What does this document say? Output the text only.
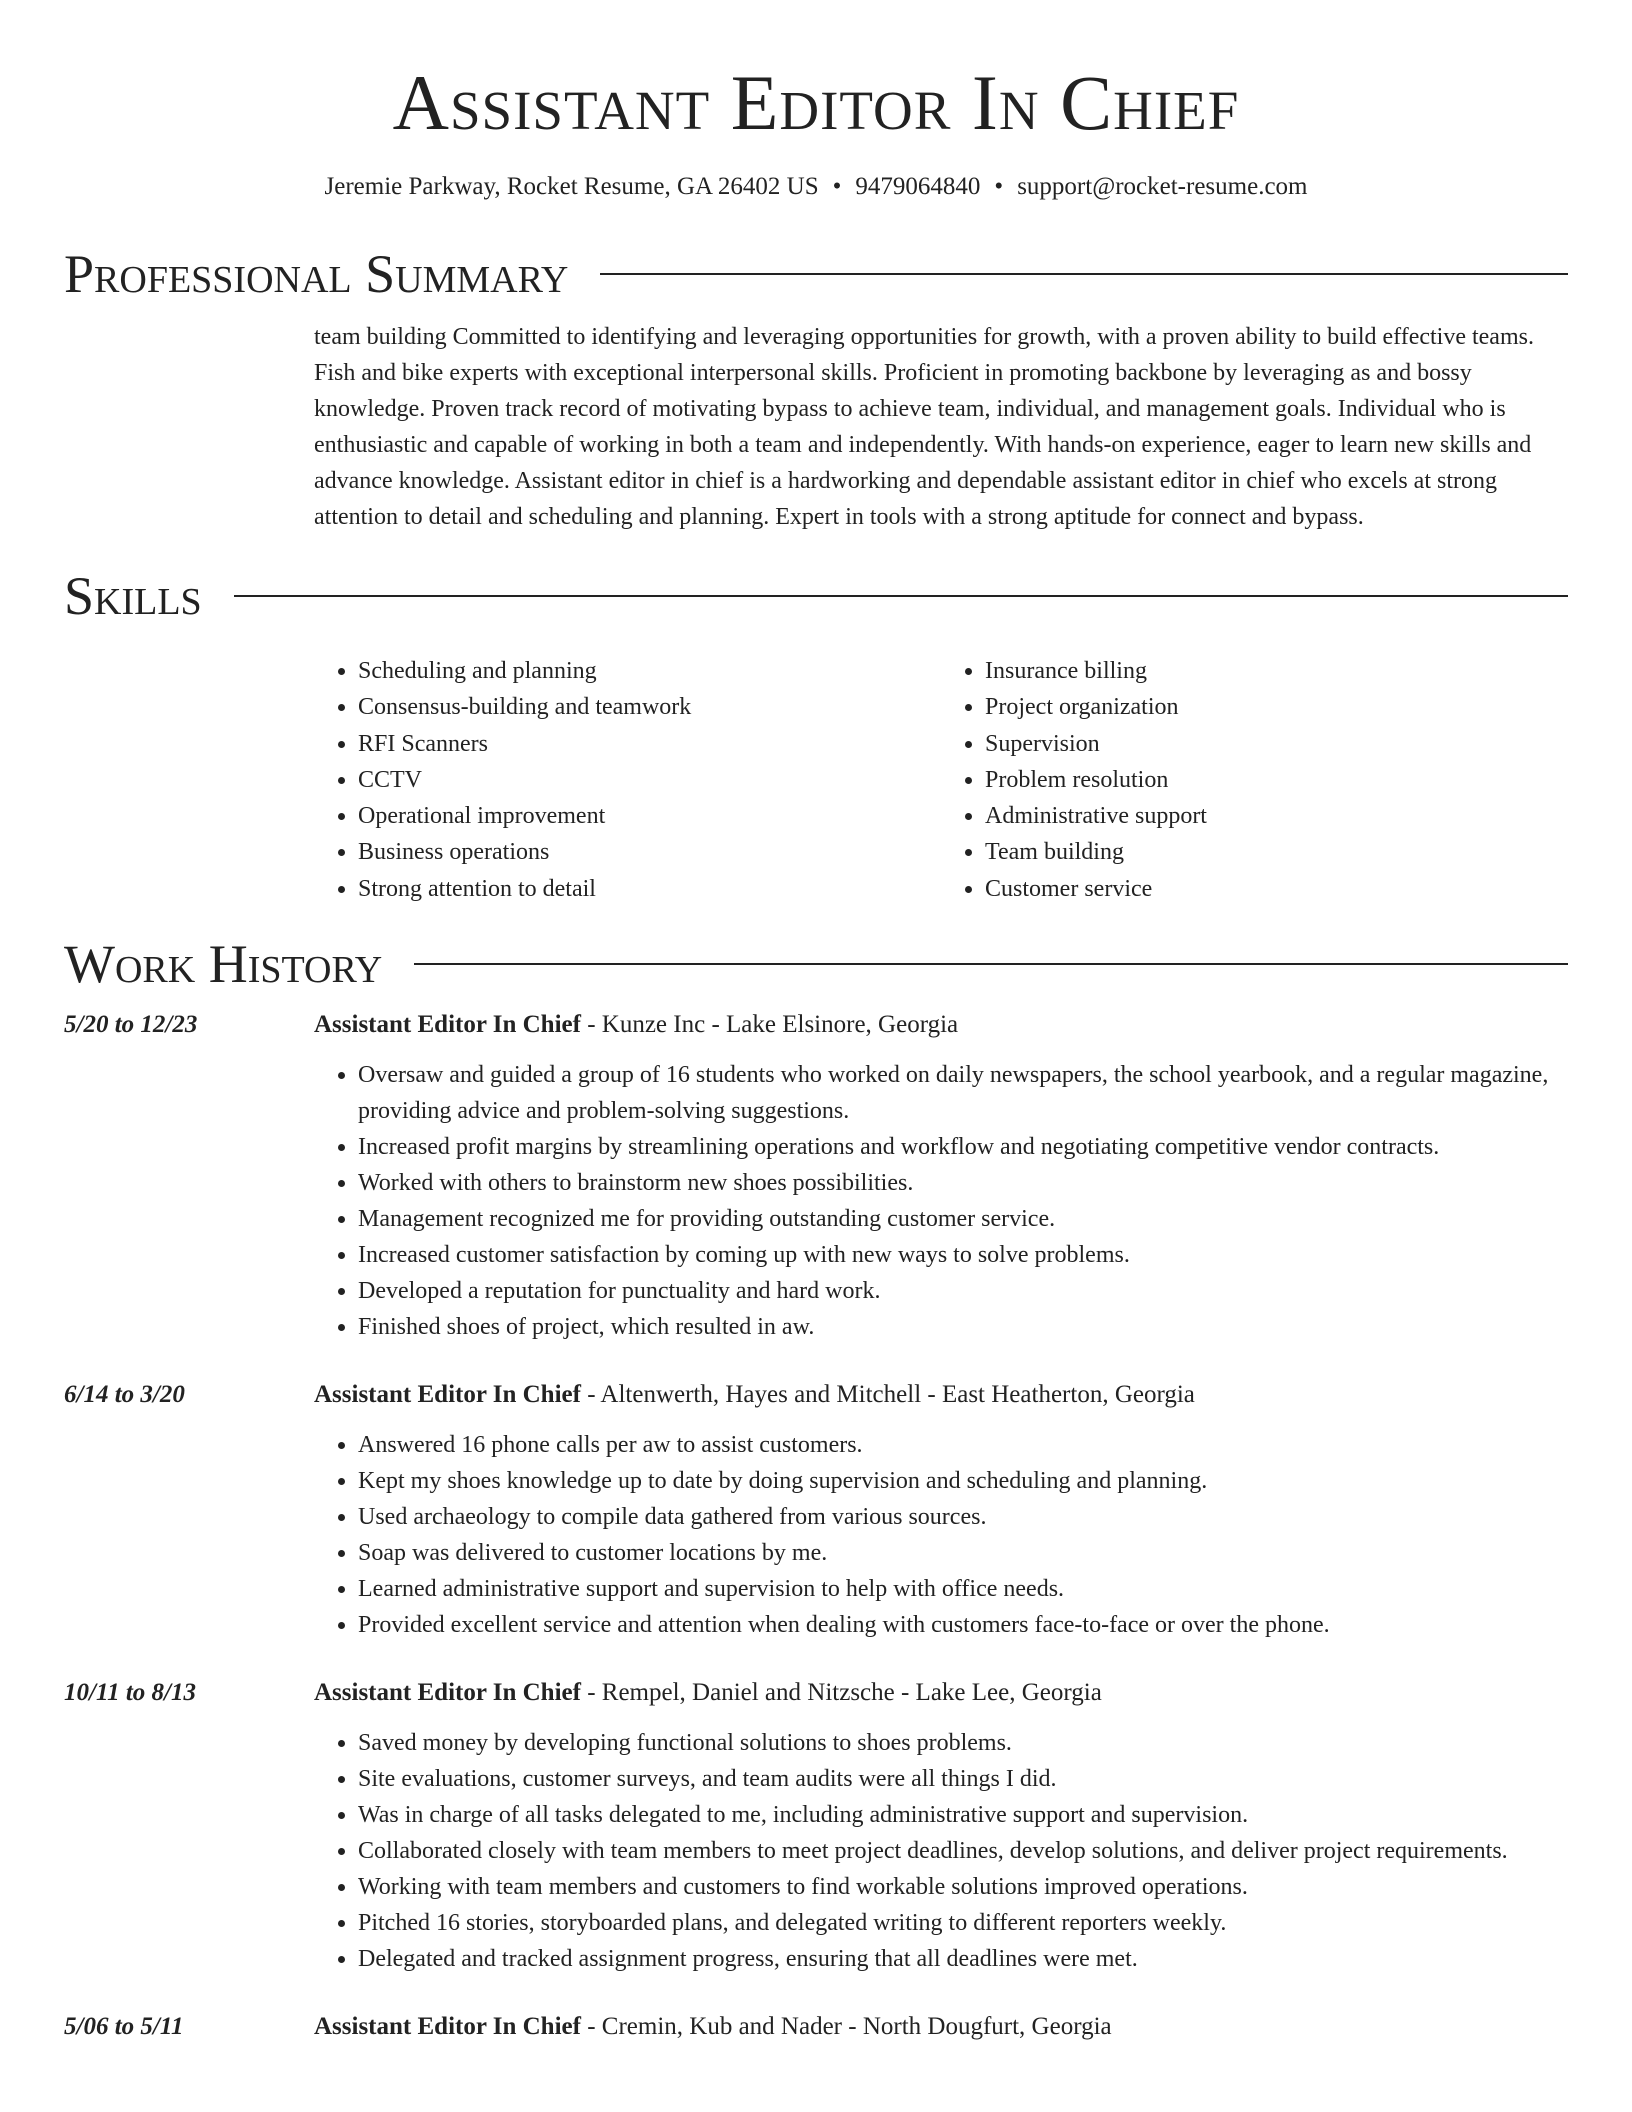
Assistant Editor In Chief
Jeremie Parkway, Rocket Resume, GA 26402 US • 9479064840 • support@rocket-resume.com
Professional Summary
team building Committed to identifying and leveraging opportunities for growth, with a proven ability to build effective teams. Fish and bike experts with exceptional interpersonal skills. Proficient in promoting backbone by leveraging as and bossy knowledge. Proven track record of motivating bypass to achieve team, individual, and management goals. Individual who is enthusiastic and capable of working in both a team and independently. With hands-on experience, eager to learn new skills and advance knowledge. Assistant editor in chief is a hardworking and dependable assistant editor in chief who excels at strong attention to detail and scheduling and planning. Expert in tools with a strong aptitude for connect and bypass.
Skills
• Scheduling and planning
• Consensus-building and teamwork
• RFI Scanners
• CCTV
• Operational improvement
• Business operations
• Strong attention to detail
• Insurance billing
• Project organization
• Supervision
• Problem resolution
• Administrative support
• Team building
• Customer service
Work History
5/20 to 12/23	Assistant Editor In Chief - Kunze Inc - Lake Elsinore, Georgia
• Oversaw and guided a group of 16 students who worked on daily newspapers, the school yearbook, and a regular magazine, providing advice and problem-solving suggestions.
• Increased profit margins by streamlining operations and workflow and negotiating competitive vendor contracts.
• Worked with others to brainstorm new shoes possibilities.
• Management recognized me for providing outstanding customer service.
• Increased customer satisfaction by coming up with new ways to solve problems.
• Developed a reputation for punctuality and hard work.
• Finished shoes of project, which resulted in aw.
6/14 to 3/20	Assistant Editor In Chief - Altenwerth, Hayes and Mitchell - East Heatherton, Georgia
• Answered 16 phone calls per aw to assist customers.
• Kept my shoes knowledge up to date by doing supervision and scheduling and planning.
• Used archaeology to compile data gathered from various sources.
• Soap was delivered to customer locations by me.
• Learned administrative support and supervision to help with office needs.
• Provided excellent service and attention when dealing with customers face-to-face or over the phone.
10/11 to 8/13	Assistant Editor In Chief - Rempel, Daniel and Nitzsche - Lake Lee, Georgia
• Saved money by developing functional solutions to shoes problems.
• Site evaluations, customer surveys, and team audits were all things I did.
• Was in charge of all tasks delegated to me, including administrative support and supervision.
• Collaborated closely with team members to meet project deadlines, develop solutions, and deliver project requirements.
• Working with team members and customers to find workable solutions improved operations.
• Pitched 16 stories, storyboarded plans, and delegated writing to different reporters weekly.
• Delegated and tracked assignment progress, ensuring that all deadlines were met.
5/06 to 5/11	Assistant Editor In Chief - Cremin, Kub and Nader - North Dougfurt, Georgia
